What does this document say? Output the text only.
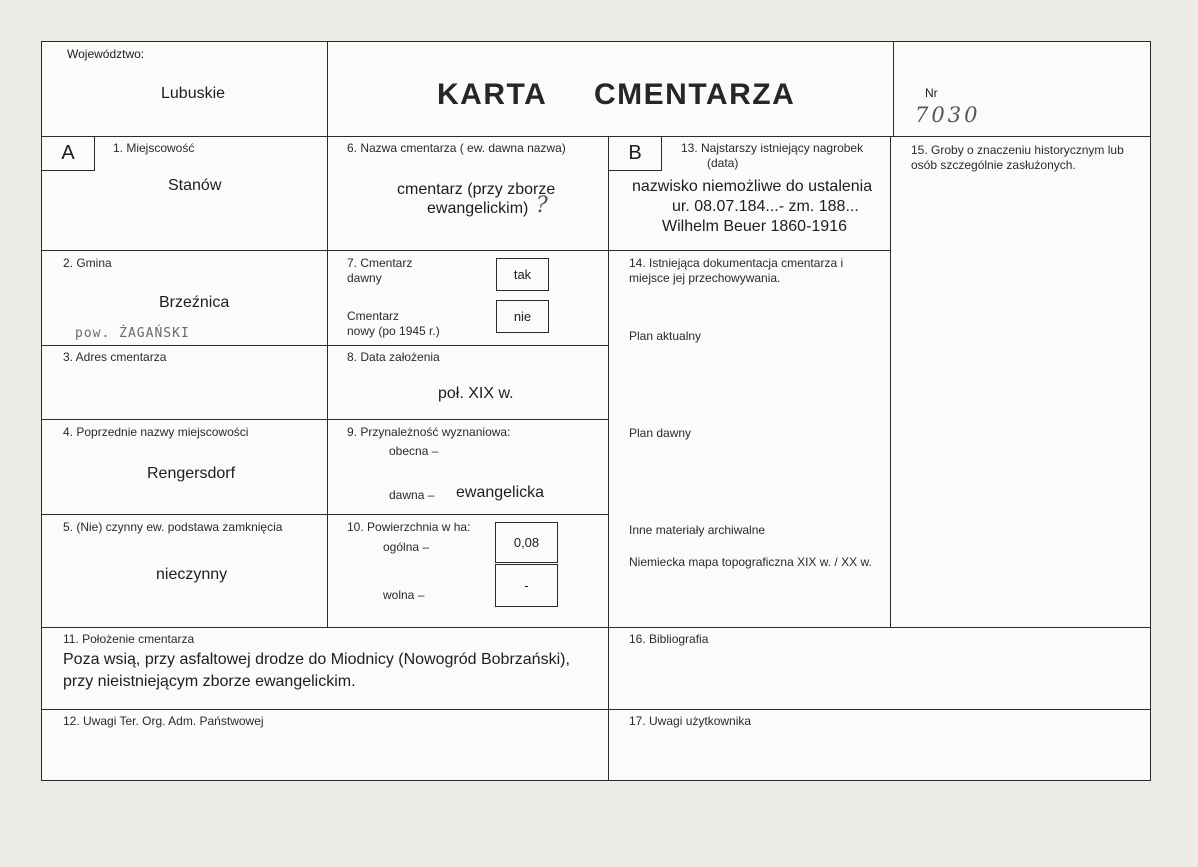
Województwo:
Lubuskie	KARTA CMENTARZA	Nr
7030
A	1. Miejscowość
Stanów
2. Gmina
Brzeźnica
pow. ŻAGAŃSKI
3. Adres cmentarza
4. Poprzednie nazwy miejscowości
Rengersdorf
5. (Nie) czynny ew. podstawa zamknięcia
nieczynny
6. Nazwa cmentarza ( ew. dawna nazwa)
cmentarz (przy zborze
ewangelickim) ?
7. Cmentarz
dawny	tak
Cmentarz
nowy (po 1945 r.)
nie
8. Data założenia
poł. XIX w.
9. Przynależność wyznaniowa:
obecna –
dawna – ewangelicka
10. Powierzchnia w ha:
ogólna –	0,08
wolna –
-
B	13. Najstarszy istniejący nagrobek
(data)
nazwisko niemożliwe do ustalenia
ur. 08.07.184...- zm. 188...
Wilhelm Beuer 1860-1916
14. Istniejąca dokumentacja cmentarza i
miejsce jej przechowywania.
Plan aktualny
Plan dawny
Inne materiały archiwalne
Niemiecka mapa topograficzna XIX w. / XX w.
15. Groby o znaczeniu historycznym lub
osób szczególnie zasłużonych.
11. Położenie cmentarza
Poza wsią, przy asfaltowej drodze do Miodnicy (Nowogród Bobrzański),
przy nieistniejącym zborze ewangelickim.
16. Bibliografia
12. Uwagi Ter. Org. Adm. Państwowej	17. Uwagi użytkownika
